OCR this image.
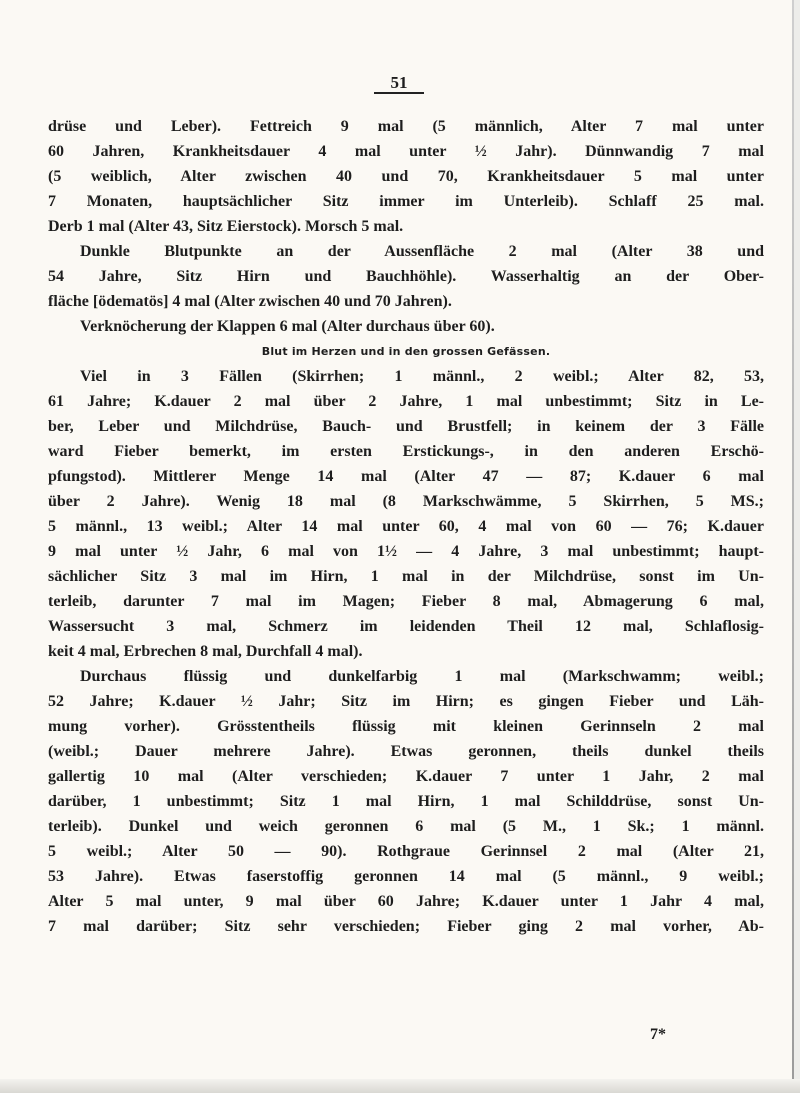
51
drüse und Leber). Fettreich 9 mal (5 männlich, Alter 7 mal unter
60 Jahren, Krankheitsdauer 4 mal unter ½ Jahr). Dünnwandig 7 mal
(5 weiblich, Alter zwischen 40 und 70, Krankheitsdauer 5 mal unter
7 Monaten, hauptsächlicher Sitz immer im Unterleib). Schlaff 25 mal.
Derb 1 mal (Alter 43, Sitz Eierstock). Morsch 5 mal.
Dunkle Blutpunkte an der Aussenfläche 2 mal (Alter 38 und
54 Jahre, Sitz Hirn und Bauchhöhle). Wasserhaltig an der Ober-
fläche [ödematös] 4 mal (Alter zwischen 40 und 70 Jahren).
Verknöcherung der Klappen 6 mal (Alter durchaus über 60).
Blut im Herzen und in den grossen Gefässen.
Viel in 3 Fällen (Skirrhen; 1 männl., 2 weibl.; Alter 82, 53,
61 Jahre; K.dauer 2 mal über 2 Jahre, 1 mal unbestimmt; Sitz in Le-
ber, Leber und Milchdrüse, Bauch- und Brustfell; in keinem der 3 Fälle
ward Fieber bemerkt, im ersten Erstickungs-, in den anderen Erschö-
pfungstod). Mittlerer Menge 14 mal (Alter 47 — 87; K.dauer 6 mal
über 2 Jahre). Wenig 18 mal (8 Markschwämme, 5 Skirrhen, 5 MS.;
5 männl., 13 weibl.; Alter 14 mal unter 60, 4 mal von 60 — 76; K.dauer
9 mal unter ½ Jahr, 6 mal von 1½ — 4 Jahre, 3 mal unbestimmt; haupt-
sächlicher Sitz 3 mal im Hirn, 1 mal in der Milchdrüse, sonst im Un-
terleib, darunter 7 mal im Magen; Fieber 8 mal, Abmagerung 6 mal,
Wassersucht 3 mal, Schmerz im leidenden Theil 12 mal, Schlaflosig-
keit 4 mal, Erbrechen 8 mal, Durchfall 4 mal).
Durchaus flüssig und dunkelfarbig 1 mal (Markschwamm; weibl.;
52 Jahre; K.dauer ½ Jahr; Sitz im Hirn; es gingen Fieber und Läh-
mung vorher). Grösstentheils flüssig mit kleinen Gerinnseln 2 mal
(weibl.; Dauer mehrere Jahre). Etwas geronnen, theils dunkel theils
gallertig 10 mal (Alter verschieden; K.dauer 7 unter 1 Jahr, 2 mal
darüber, 1 unbestimmt; Sitz 1 mal Hirn, 1 mal Schilddrüse, sonst Un-
terleib). Dunkel und weich geronnen 6 mal (5 M., 1 Sk.; 1 männl.
5 weibl.; Alter 50 — 90). Rothgraue Gerinnsel 2 mal (Alter 21,
53 Jahre). Etwas faserstoffig geronnen 14 mal (5 männl., 9 weibl.;
Alter 5 mal unter, 9 mal über 60 Jahre; K.dauer unter 1 Jahr 4 mal,
7 mal darüber; Sitz sehr verschieden; Fieber ging 2 mal vorher, Ab-
7*
